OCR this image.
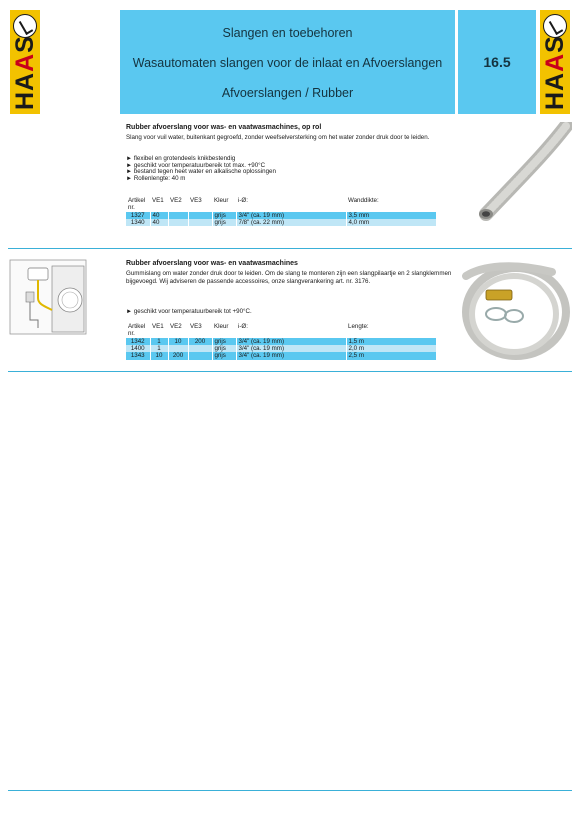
HAAS
Slangen en toebehoren
Wasautomaten slangen voor de inlaat en Afvoerslangen
Afvoerslangen / Rubber
16.5
HAAS
Rubber afvoerslang voor was- en vaatwasmachines, op rol
Slang voor vuil water, buitenkant gegroefd, zonder weefselversterking om het water zonder druk door te leiden.
► flexibel en grotendeels knikbestendig
► geschikt voor temperatuurbereik tot max. +90°C
► bestand tegen heet water en alkalische oplossingen
► Rollenlengte: 40 m
Artikel nr.	VE1	VE2	VE3	Kleur	i-Ø:	Wanddikte:
1327	40			grijs	3/4" (ca. 19 mm)	3,5 mm
1340	40			grijs	7/8" (ca. 22 mm)	4,0 mm
Rubber afvoerslang voor was- en vaatwasmachines
Gummislang om water zonder druk door te leiden. Om de slang te monteren zijn een slangpilaartje en 2 slangklemmen bijgevoegd. Wij adviseren de passende accessoires, onze slangverankering art. nr. 3176.
► geschikt voor temperatuurbereik tot +90°C.
Artikel nr.	VE1	VE2	VE3	Kleur	i-Ø:	Lengte:
1342	1	10	200	grijs	3/4" (ca. 19 mm)	1,5 m
1400	1			grijs	3/4" (ca. 19 mm)	2,0 m
1343	10	200		grijs	3/4" (ca. 19 mm)	2,5 m
